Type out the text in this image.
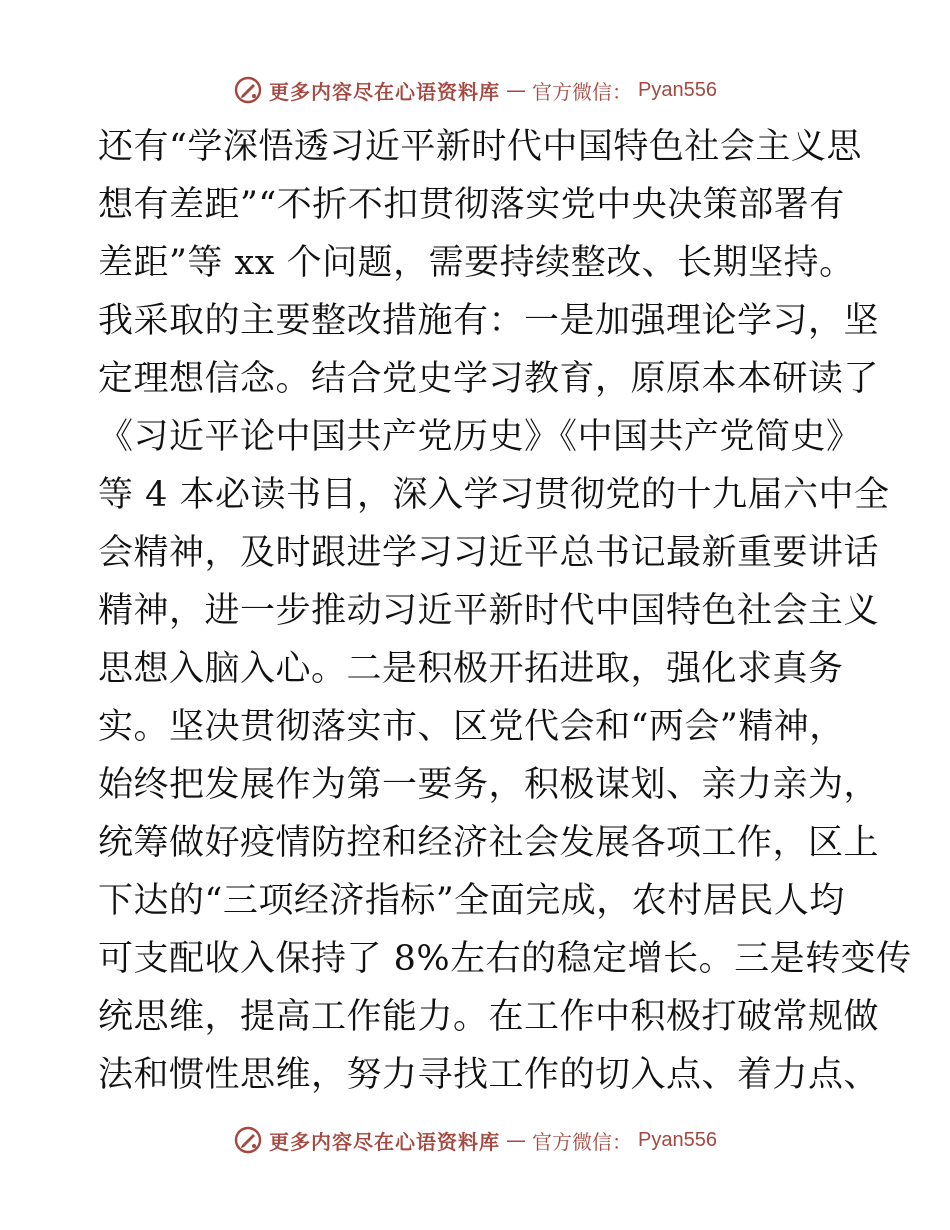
更多内容尽在心语资料库 — 官方微信： Pyan556
还有“学深悟透习近平新时代中国特色社会主义思
想有差距”“不折不扣贯彻落实党中央决策部署有
差距”等 xx 个问题，需要持续整改、长期坚持。
我采取的主要整改措施有：一是加强理论学习，坚
定理想信念。结合党史学习教育，原原本本研读了
《习近平论中国共产党历史》《中国共产党简史》
等 4 本必读书目，深入学习贯彻党的十九届六中全
会精神，及时跟进学习习近平总书记最新重要讲话
精神，进一步推动习近平新时代中国特色社会主义
思想入脑入心。二是积极开拓进取，强化求真务
实。坚决贯彻落实市、区党代会和“两会”精神，
始终把发展作为第一要务，积极谋划、亲力亲为，
统筹做好疫情防控和经济社会发展各项工作，区上
下达的“三项经济指标”全面完成，农村居民人均
可支配收入保持了 8%左右的稳定增长。三是转变传
统思维，提高工作能力。在工作中积极打破常规做
法和惯性思维，努力寻找工作的切入点、着力点、
更多内容尽在心语资料库 — 官方微信： Pyan556
